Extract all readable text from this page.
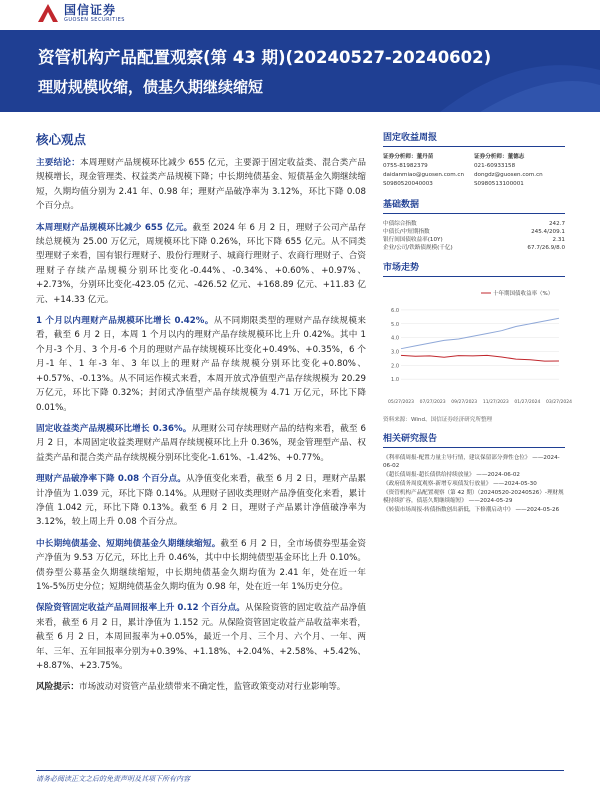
国信证券
GUOSEN SECURITIES
资管机构产品配置观察(第 43 期)(20240527-20240602)
理财规模收缩，债基久期继续缩短
核心观点
主要结论：本周理财产品规模环比减少 655 亿元，主要源于固定收益类、混合类产品规模增长，现金管理类、权益类产品规模下降；中长期纯债基金、短债基金久期继续缩短，久期均值分别为 2.41 年、0.98 年；理财产品破净率为 3.12%，环比下降 0.08 个百分点。
本周理财产品规模环比减少 655 亿元。截至 2024 年 6 月 2 日，理财子公司产品存续总规模为 25.00 万亿元，周规模环比下降 0.26%，环比下降 655 亿元。从不同类型理财子来看，国有银行理财子、股份行理财子、城商行理财子、农商行理财子、合资理财子存续产品规模分别环比变化-0.44%、-0.34%、+0.60%、+0.97%、+2.73%，分别环比变化-423.05 亿元、-426.52 亿元、+168.89 亿元、+11.83 亿元、+14.33 亿元。
1 个月以内理财产品规模环比增长 0.42%。从不同期限类型的理财产品存续规模来看，截至 6 月 2 日，本周 1 个月以内的理财产品存续规模环比上升 0.42%。其中 1 个月-3 个月、3 个月-6 个月的理财产品存续规模环比变化+0.49%、+0.35%，6 个月-1 年、1 年-3 年、3 年以上的理财产品存续规模分别环比变化+0.80%、+0.57%、-0.13%。从不同运作模式来看，本周开放式净值型产品存续规模为 20.29 万亿元，环比下降 0.32%；封闭式净值型产品存续规模为 4.71 万亿元，环比下降 0.01%。
固定收益类产品规模环比增长 0.36%。从理财公司存续理财产品的结构来看，截至 6 月 2 日，本周固定收益类理财产品周存续规模环比上升 0.36%，现金管理型产品、权益类产品和混合类产品存续规模分别环比变化-1.61%、-1.42%、+0.77%。
理财产品破净率下降 0.08 个百分点。从净值变化来看，截至 6 月 2 日，理财产品累计净值为 1.039 元，环比下降 0.14%。从理财子固收类理财产品净值变化来看，累计净值 1.042 元，环比下降 0.13%。截至 6 月 2 日，理财子产品累计净值破净率为 3.12%，较上周上升 0.08 个百分点。
中长期纯债基金、短期纯债基金久期继续缩短。截至 6 月 2 日，全市场债券型基金资产净值为 9.53 万亿元，环比上升 0.46%，其中中长期纯债型基金环比上升 0.10%。债券型公募基金久期继续缩短，中长期纯债基金久期均值为 2.41 年，处在近一年 1%-5%历史分位；短期纯债基金久期均值为 0.98 年，处在近一年 1%历史分位。
保险资管固定收益产品周回报率上升 0.12 个百分点。从保险资管的固定收益产品净值来看，截至 6 月 2 日，累计净值为 1.152 元。从保险资管固定收益产品收益率来看，截至 6 月 2 日，本周回报率为+0.05%，最近一个月、三个月、六个月、一年、两年、三年、五年回报率分别为+0.39%、+1.18%、+2.04%、+2.58%、+5.42%、+8.87%、+23.75%。
风险提示：市场波动对资管产品业绩带来不确定性，监管政策变动对行业影响等。
固定收益周报
证券分析师：董丹苗
0755-81982379
daidanmiao@guosen.com.cn
S0980520040003
证券分析师：董德志
021-60933158
dongdz@guosen.com.cn
S0980513100001
基础数据
中债综合指数	242.7
中债长/中短期指数	245.4/209.1
银行间国债收益率(10Y)	2.31
企业/公司/铁路债规模(千亿)	67.7/26.9/8.0
市场走势
十年期国债收益率（%）
1.0
2.0
3.0
4.0
5.0
6.0
05/27/2023 07/27/2023 09/27/2023 11/27/2023 01/27/2024 03/27/2024
资料来源：Wind、国信证券经济研究所整理
相关研究报告
《利率债周报-配置力量主导行情，建议保留部分弹性仓位》 ——2024-06-02
《超长债周报-超长债供给持续放量》 ——2024-06-02
《政府债务周度观察-新增专项债发行放量》 ——2024-05-30
《资管机构产品配置观察（第 42 期）（20240520-20240526）-理财规模持续扩容，债基久期继续缩短》 ——2024-05-29
《转债市场周报-转债指数创出新低，下修潮启动中》 ——2024-05-26
请务必阅读正文之后的免责声明及其项下所有内容
